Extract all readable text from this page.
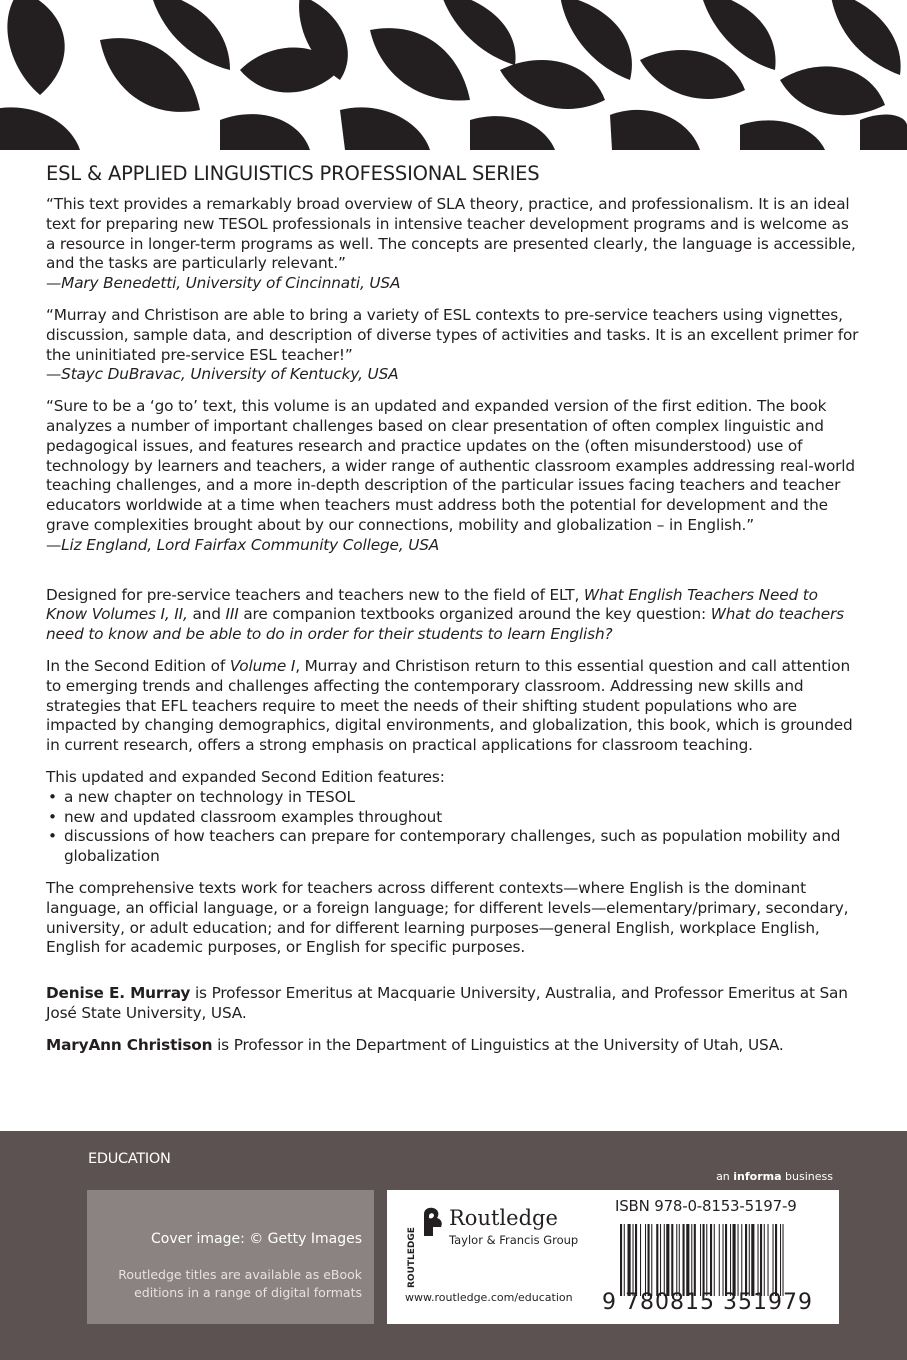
ESL & APPLIED LINGUISTICS PROFESSIONAL SERIES

“This text provides a remarkably broad overview of SLA theory, practice, and professionalism. It is an ideal text for preparing new TESOL professionals in intensive teacher development programs and is welcome as a resource in longer-term programs as well. The concepts are presented clearly, the language is accessible, and the tasks are particularly relevant.”

—Mary Benedetti, University of Cincinnati, USA

“Murray and Christison are able to bring a variety of ESL contexts to pre-service teachers using vignettes, discussion, sample data, and description of diverse types of activities and tasks. It is an excellent primer for the uninitiated pre-service ESL teacher!”

—Stayc DuBravac, University of Kentucky, USA

“Sure to be a ‘go to’ text, this volume is an updated and expanded version of the first edition. The book analyzes a number of important challenges based on clear presentation of often complex linguistic and pedagogical issues, and features research and practice updates on the (often misunderstood) use of technology by learners and teachers, a wider range of authentic classroom examples addressing real-world teaching challenges, and a more in-depth description of the particular issues facing teachers and teacher educators worldwide at a time when teachers must address both the potential for development and the grave complexities brought about by our connections, mobility and globalization – in English.”

—Liz England, Lord Fairfax Community College, USA

Designed for pre-service teachers and teachers new to the field of ELT, What English Teachers Need to Know Volumes I, II, and III are companion textbooks organized around the key question: What do teachers need to know and be able to do in order for their students to learn English?

In the Second Edition of Volume I, Murray and Christison return to this essential question and call attention to emerging trends and challenges affecting the contemporary classroom. Addressing new skills and strategies that EFL teachers require to meet the needs of their shifting student populations who are impacted by changing demographics, digital environments, and globalization, this book, which is grounded in current research, offers a strong emphasis on practical applications for classroom teaching.

This updated and expanded Second Edition features:

• a new chapter on technology in TESOL
• new and updated classroom examples throughout
• discussions of how teachers can prepare for contemporary challenges, such as population mobility and globalization

The comprehensive texts work for teachers across different contexts—where English is the dominant language, an official language, or a foreign language; for different levels—elementary/primary, secondary, university, or adult education; and for different learning purposes—general English, workplace English, English for academic purposes, or English for specific purposes.

Denise E. Murray is Professor Emeritus at Macquarie University, Australia, and Professor Emeritus at San José State University, USA.

MaryAnn Christison is Professor in the Department of Linguistics at the University of Utah, USA.

EDUCATION
an informa business
Cover image: © Getty Images
Routledge titles are available as eBook editions in a range of digital formats
ROUTLEDGE
Routledge
Taylor & Francis Group
www.routledge.com/education
ISBN 978-0-8153-5197-9
9 780815 351979
